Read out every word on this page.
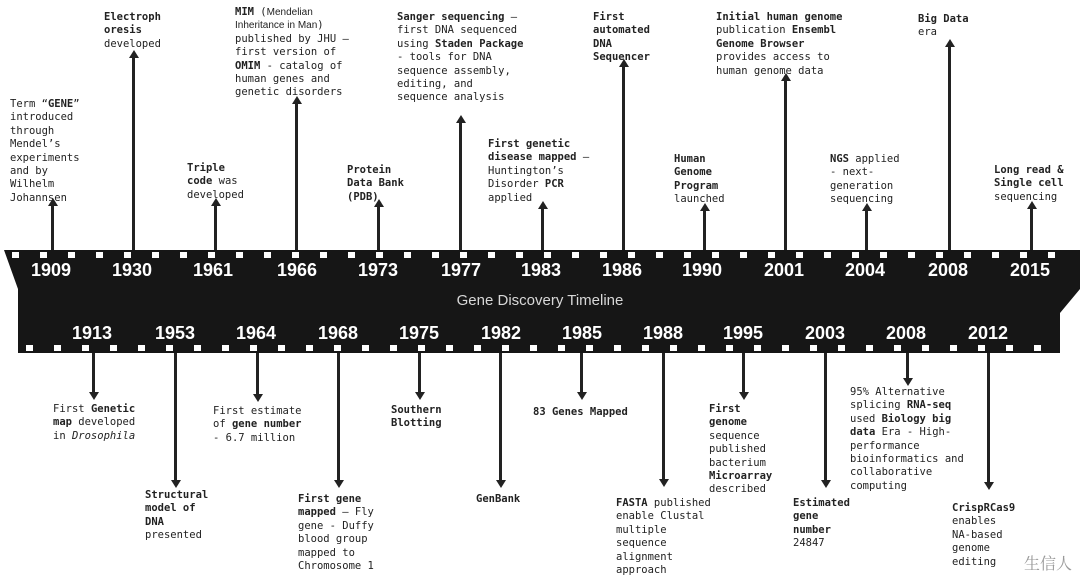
Gene Discovery Timeline
1909	1930	1961	1966	1973	1977	1983	1986	1990	2001	2004	2008	2015
1913	1953	1964	1968	1975	1982	1985	1988	1995	2003	2008	2012
Term “GENE”
introduced
through
Mendel’s
experiments
and by
Wilhelm
Johannsen
Electroph
oresis
developed
Triple
code was
developed
MIM (Mendelian
Inheritance in Man)
published by JHU –
first version of
OMIM - catalog of
human genes and
genetic disorders
Protein
Data Bank
(PDB)
Sanger sequencing –
first DNA sequenced
using Staden Package
- tools for DNA
sequence assembly,
editing, and
sequence analysis
First genetic
disease mapped –
Huntington’s
Disorder PCR
applied
First
automated
DNA
Sequencer
Human
Genome
Program
launched
Initial human genome
publication Ensembl
Genome Browser
provides access to
human genome data
NGS applied
- next-
generation
sequencing
Big Data
era
Long read &
Single cell
sequencing
First Genetic
map developed
in Drosophila
Structural
model of
DNA
presented
First estimate
of gene number
- 6.7 million
First gene
mapped – Fly
gene - Duffy
blood group
mapped to
Chromosome 1
Southern
Blotting
GenBank
83 Genes Mapped
FASTA published
enable Clustal
multiple
sequence
alignment
approach
First
genome
sequence
published
bacterium
Microarray
described
Estimated
gene
number
24847
95% Alternative
splicing RNA-seq
used Biology big
data Era - High-
performance
bioinformatics and
collaborative
computing
CrispRCas9
enables
NA-based
genome
editing	生信人
